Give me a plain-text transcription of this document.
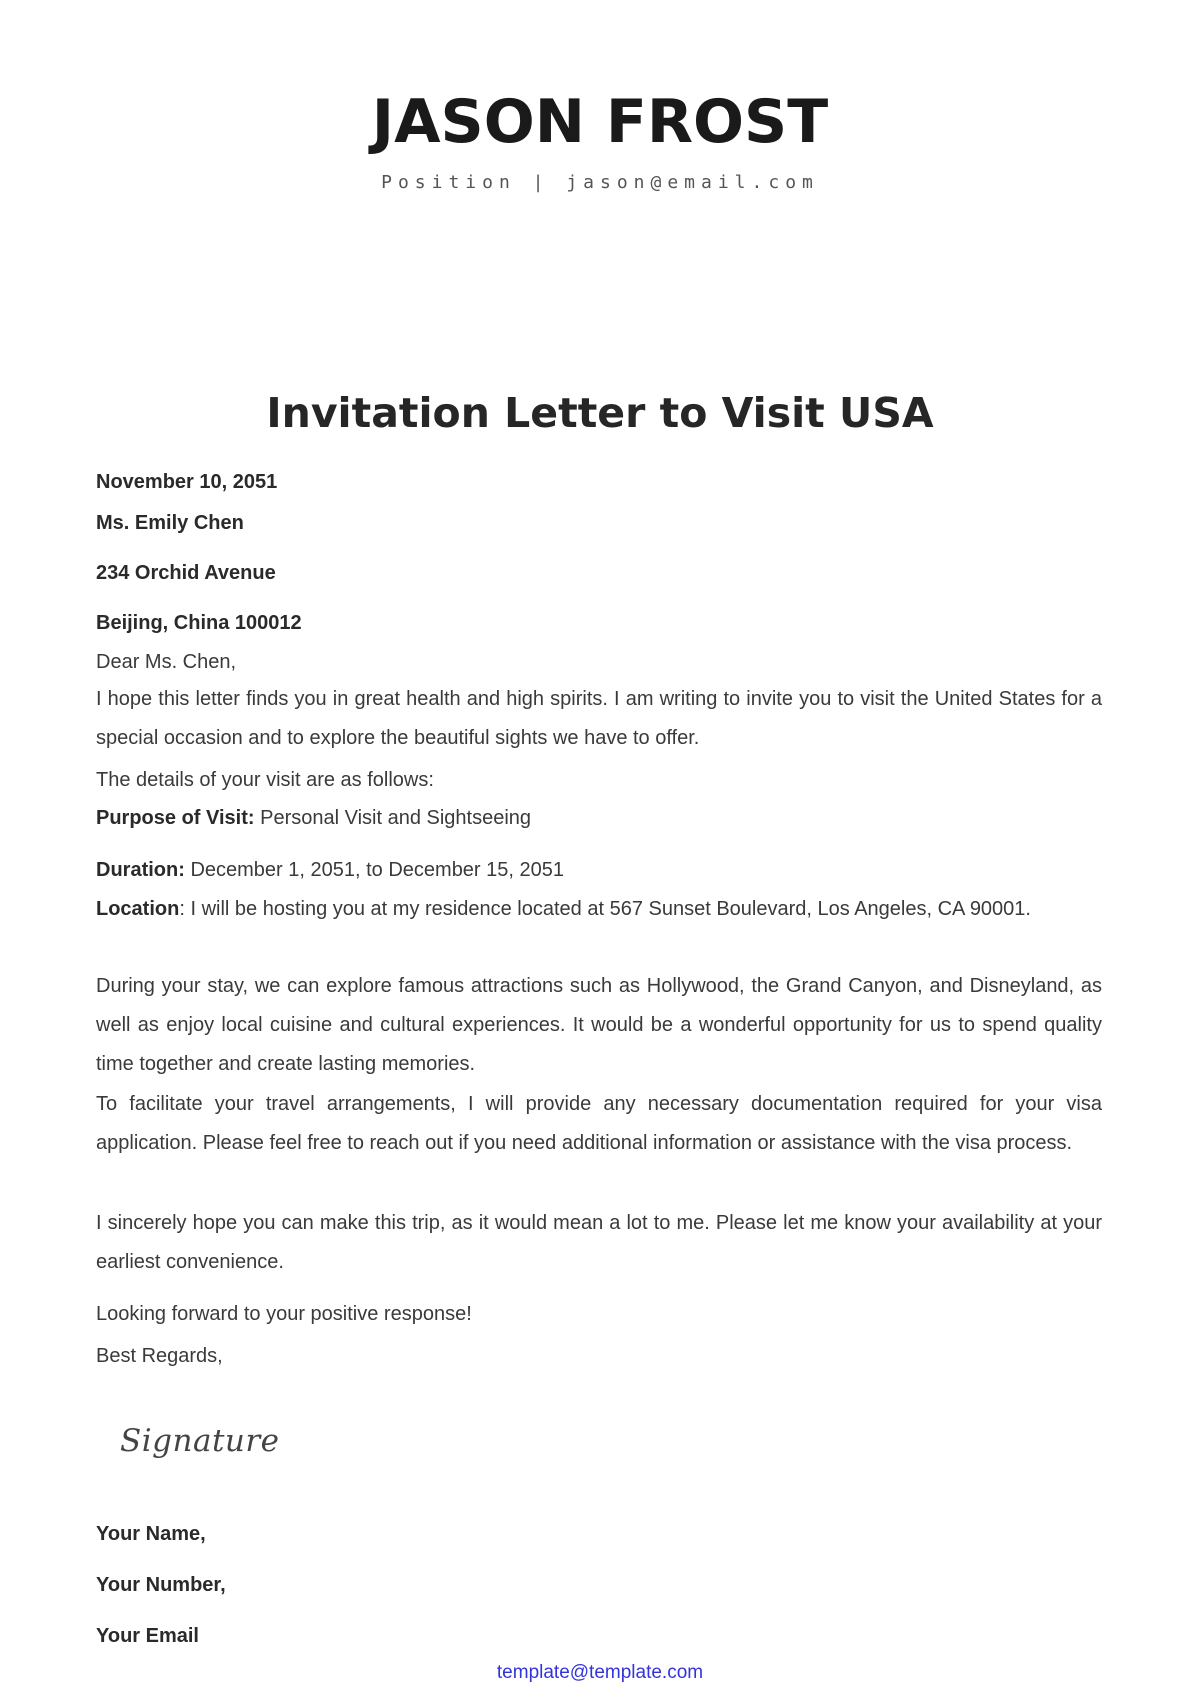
JASON FROST
Position | jason@email.com
Invitation Letter to Visit USA
November 10, 2051
Ms. Emily Chen
234 Orchid Avenue
Beijing, China 100012
Dear Ms. Chen,
I hope this letter finds you in great health and high spirits. I am writing to invite you to visit the United States for a special occasion and to explore the beautiful sights we have to offer.
The details of your visit are as follows:
Purpose of Visit: Personal Visit and Sightseeing
Duration: December 1, 2051, to December 15, 2051
Location: I will be hosting you at my residence located at 567 Sunset Boulevard, Los Angeles, CA 90001.
During your stay, we can explore famous attractions such as Hollywood, the Grand Canyon, and Disneyland, as well as enjoy local cuisine and cultural experiences. It would be a wonderful opportunity for us to spend quality time together and create lasting memories.
To facilitate your travel arrangements, I will provide any necessary documentation required for your visa application. Please feel free to reach out if you need additional information or assistance with the visa process.
I sincerely hope you can make this trip, as it would mean a lot to me. Please let me know your availability at your earliest convenience.
Looking forward to your positive response!
Best Regards,
Signature
Your Name,
Your Number,
Your Email
template@template.com
